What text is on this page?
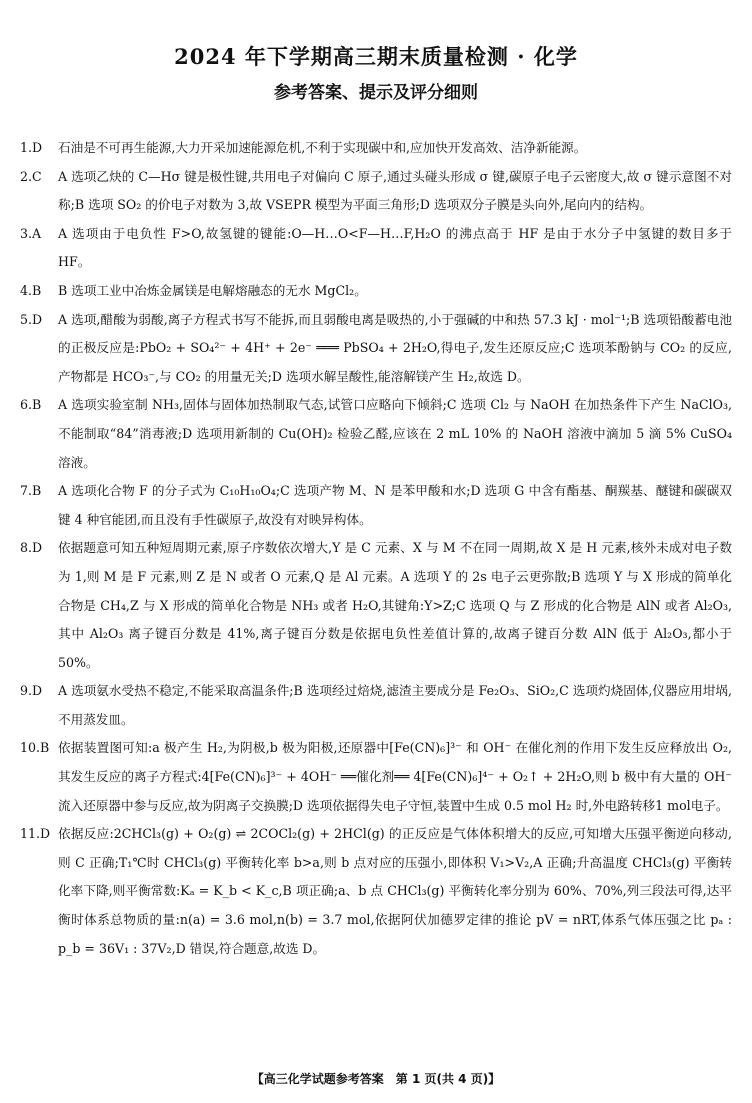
2024 年下学期高三期末质量检测 · 化学
参考答案、提示及评分细则
1.D	石油是不可再生能源,大力开采加速能源危机,不利于实现碳中和,应加快开发高效、洁净新能源。
2.C	A 选项乙炔的 C—Hσ 键是极性键,共用电子对偏向 C 原子,通过头碰头形成 σ 键,碳原子电子云密度大,故 σ 键示意图不对称;B 选项 SO₂ 的价电子对数为 3,故 VSEPR 模型为平面三角形;D 选项双分子膜是头向外,尾向内的结构。
3.A	A 选项由于电负性 F>O,故氢键的键能:O—H…O<F—H…F,H₂O 的沸点高于 HF 是由于水分子中氢键的数目多于 HF。
4.B	B 选项工业中冶炼金属镁是电解熔融态的无水 MgCl₂。
5.D	A 选项,醋酸为弱酸,离子方程式书写不能拆,而且弱酸电离是吸热的,小于强碱的中和热 57.3 kJ · mol⁻¹;B 选项铅酸蓄电池的正极反应是:PbO₂ + SO₄²⁻ + 4H⁺ + 2e⁻ ═══ PbSO₄ + 2H₂O,得电子,发生还原反应;C 选项苯酚钠与 CO₂ 的反应,产物都是 HCO₃⁻,与 CO₂ 的用量无关;D 选项水解呈酸性,能溶解镁产生 H₂,故选 D。
6.B	A 选项实验室制 NH₃,固体与固体加热制取气态,试管口应略向下倾斜;C 选项 Cl₂ 与 NaOH 在加热条件下产生 NaClO₃,不能制取“84”消毒液;D 选项用新制的 Cu(OH)₂ 检验乙醛,应该在 2 mL 10% 的 NaOH 溶液中滴加 5 滴 5% CuSO₄ 溶液。
7.B	A 选项化合物 F 的分子式为 C₁₀H₁₀O₄;C 选项产物 M、N 是苯甲酸和水;D 选项 G 中含有酯基、酮羰基、醚键和碳碳双键 4 种官能团,而且没有手性碳原子,故没有对映异构体。
8.D	依据题意可知五种短周期元素,原子序数依次增大,Y 是 C 元素、X 与 M 不在同一周期,故 X 是 H 元素,核外未成对电子数为 1,则 M 是 F 元素,则 Z 是 N 或者 O 元素,Q 是 Al 元素。A 选项 Y 的 2s 电子云更弥散;B 选项 Y 与 X 形成的简单化合物是 CH₄,Z 与 X 形成的简单化合物是 NH₃ 或者 H₂O,其键角:Y>Z;C 选项 Q 与 Z 形成的化合物是 AlN 或者 Al₂O₃,其中 Al₂O₃ 离子键百分数是 41%,离子键百分数是依据电负性差值计算的,故离子键百分数 AlN 低于 Al₂O₃,都小于 50%。
9.D	A 选项氨水受热不稳定,不能采取高温条件;B 选项经过焙烧,滤渣主要成分是 Fe₂O₃、SiO₂,C 选项灼烧固体,仪器应用坩埚,不用蒸发皿。
10.B 依据装置图可知:a 极产生 H₂,为阴极,b 极为阳极,还原器中[Fe(CN)₆]³⁻ 和 OH⁻ 在催化剂的作用下发生反应释放出 O₂,其发生反应的离子方程式:4[Fe(CN)₆]³⁻ + 4OH⁻ ══催化剂══ 4[Fe(CN)₆]⁴⁻ + O₂↑ + 2H₂O,则 b 极中有大量的 OH⁻ 流入还原器中参与反应,故为阴离子交换膜;D 选项依据得失电子守恒,装置中生成 0.5 mol H₂ 时,外电路转移1 mol电子。
11.D 依据反应:2CHCl₃(g) + O₂(g) ⇌ 2COCl₂(g) + 2HCl(g) 的正反应是气体体积增大的反应,可知增大压强平衡逆向移动,则 C 正确;T₁℃时 CHCl₃(g) 平衡转化率 b>a,则 b 点对应的压强小,即体积 V₁>V₂,A 正确;升高温度 CHCl₃(g) 平衡转化率下降,则平衡常数:Kₐ = K_b < K_c,B 项正确;a、b 点 CHCl₃(g) 平衡转化率分别为 60%、70%,列三段法可得,达平衡时体系总物质的量:n(a) = 3.6 mol,n(b) = 3.7 mol,依据阿伏加德罗定律的推论 pV = nRT,体系气体压强之比 pₐ : p_b = 36V₁ : 37V₂,D 错误,符合题意,故选 D。
【高三化学试题参考答案　第 1 页(共 4 页)】
